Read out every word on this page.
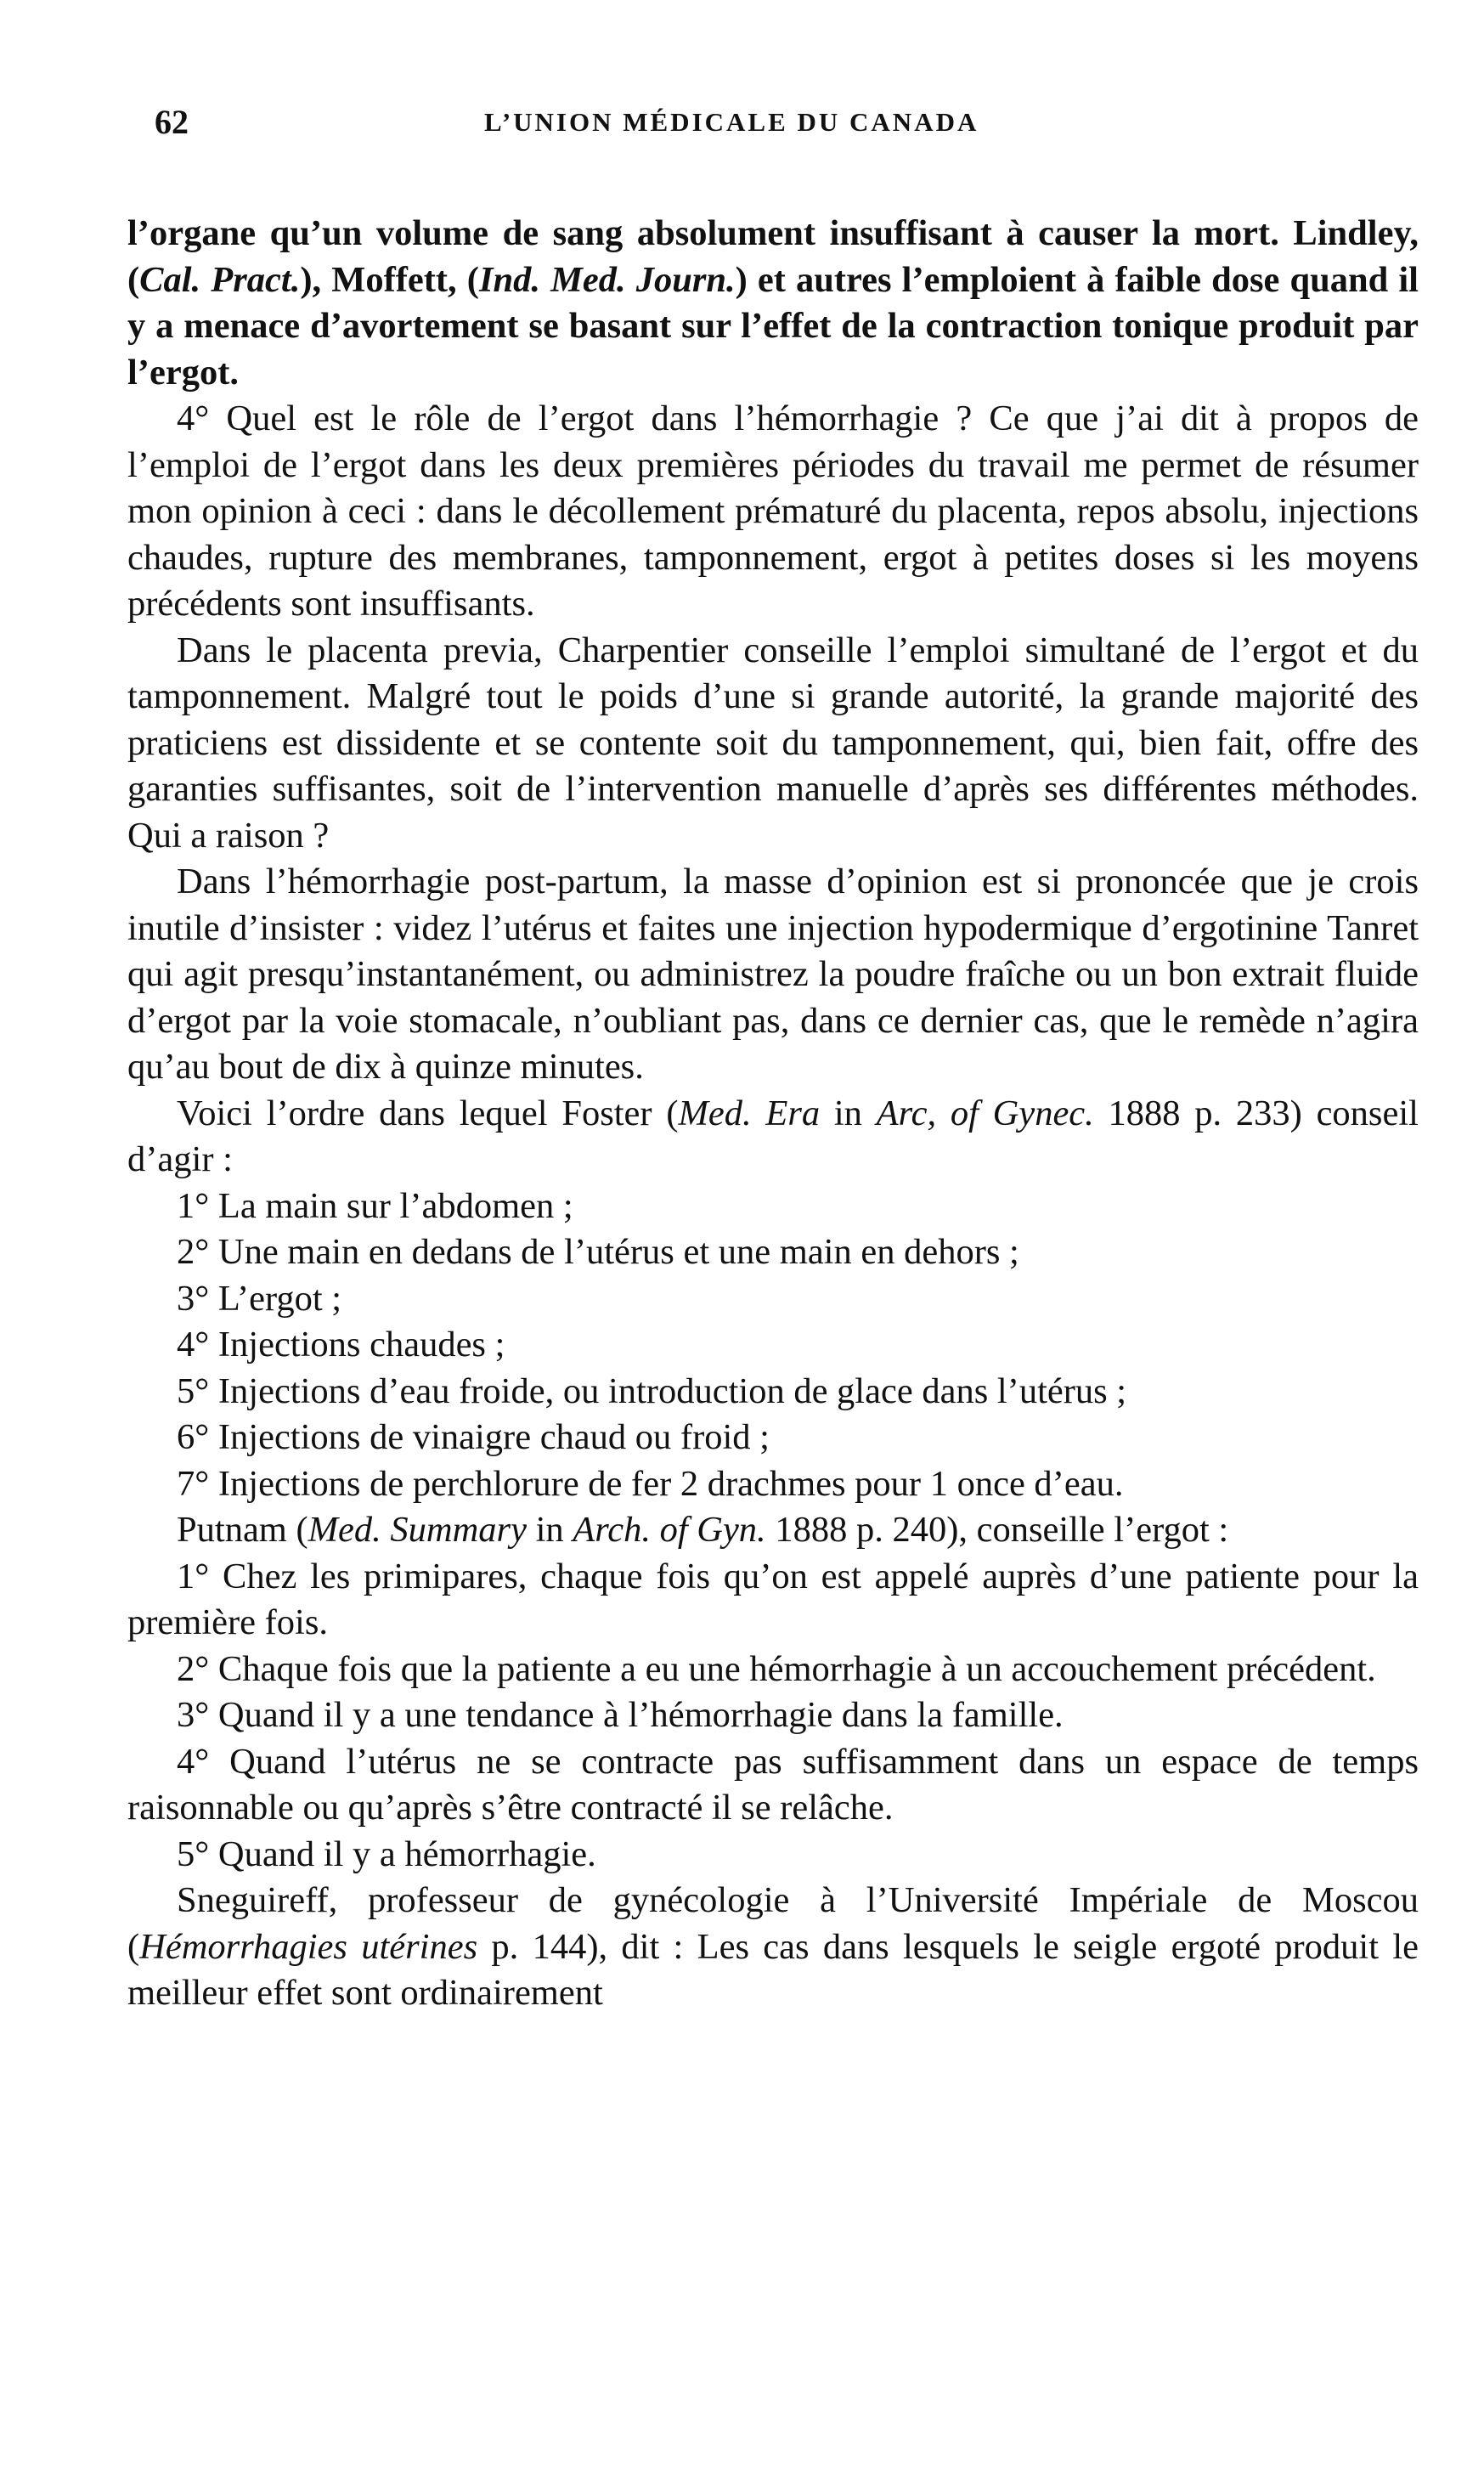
62	L’UNION MÉDICALE DU CANADA

l’organe qu’un volume de sang absolument insuffisant à causer la mort. Lindley, (Cal. Pract.), Moffett, (Ind. Med. Journ.) et autres l’emploient à faible dose quand il y a menace d’avortement se basant sur l’effet de la contraction tonique produit par l’ergot.

4° Quel est le rôle de l’ergot dans l’hémorrhagie ? Ce que j’ai dit à propos de l’emploi de l’ergot dans les deux premières périodes du travail me permet de résumer mon opinion à ceci : dans le décollement prématuré du placenta, repos absolu, injections chaudes, rupture des membranes, tamponnement, ergot à petites doses si les moyens précédents sont insuffisants.

Dans le placenta previa, Charpentier conseille l’emploi simultané de l’ergot et du tamponnement. Malgré tout le poids d’une si grande autorité, la grande majorité des praticiens est dissidente et se contente soit du tamponnement, qui, bien fait, offre des garanties suffisantes, soit de l’intervention manuelle d’après ses différentes méthodes. Qui a raison ?

Dans l’hémorrhagie post-partum, la masse d’opinion est si prononcée que je crois inutile d’insister : videz l’utérus et faites une injection hypodermique d’ergotinine Tanret qui agit presqu’instantanément, ou administrez la poudre fraîche ou un bon extrait fluide d’ergot par la voie stomacale, n’oubliant pas, dans ce dernier cas, que le remède n’agira qu’au bout de dix à quinze minutes.

Voici l’ordre dans lequel Foster (Med. Era in Arc, of Gynec. 1888 p. 233) conseil d’agir :

1° La main sur l’abdomen ;

2° Une main en dedans de l’utérus et une main en dehors ;

3° L’ergot ;

4° Injections chaudes ;

5° Injections d’eau froide, ou introduction de glace dans l’utérus ;

6° Injections de vinaigre chaud ou froid ;

7° Injections de perchlorure de fer 2 drachmes pour 1 once d’eau.

Putnam (Med. Summary in Arch. of Gyn. 1888 p. 240), conseille l’ergot :

1° Chez les primipares, chaque fois qu’on est appelé auprès d’une patiente pour la première fois.

2° Chaque fois que la patiente a eu une hémorrhagie à un accouchement précédent.

3° Quand il y a une tendance à l’hémorrhagie dans la famille.

4° Quand l’utérus ne se contracte pas suffisamment dans un espace de temps raisonnable ou qu’après s’être contracté il se relâche.

5° Quand il y a hémorrhagie.

Sneguireff, professeur de gynécologie à l’Université Impériale de Moscou (Hémorrhagies utérines p. 144), dit : Les cas dans lesquels le seigle ergoté produit le meilleur effet sont ordinairement
